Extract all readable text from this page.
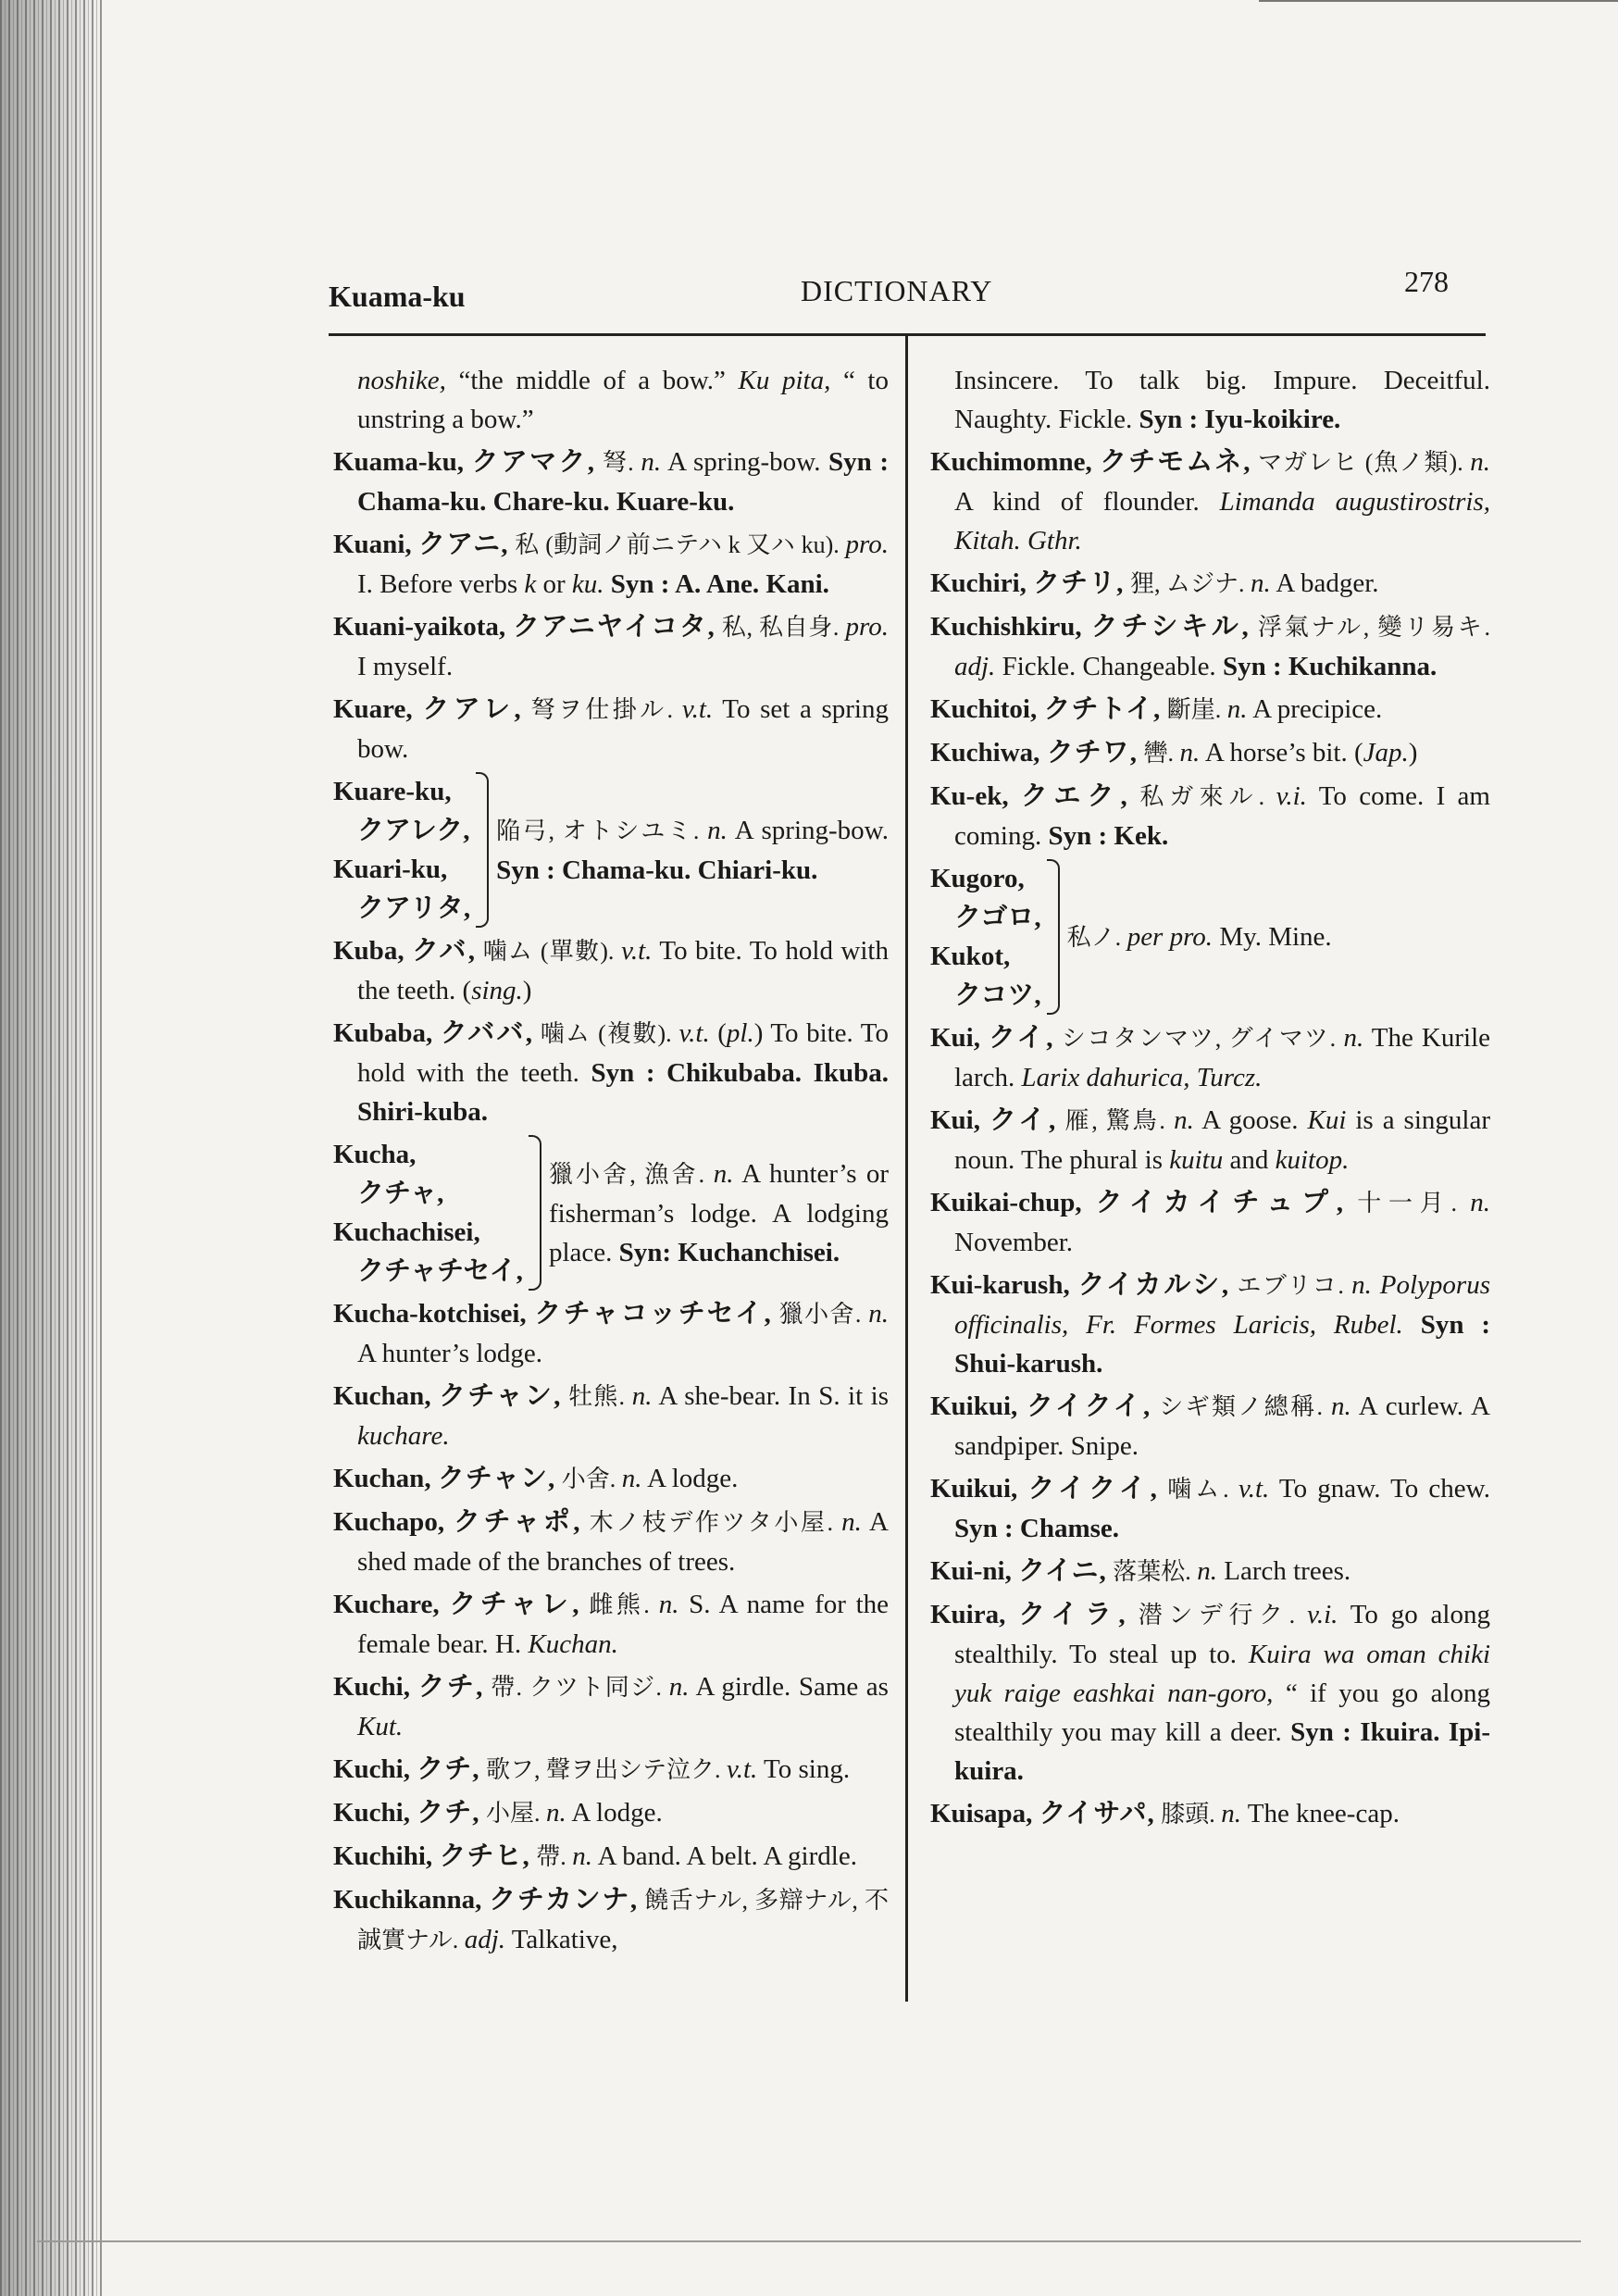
Kuama-ku	DICTIONARY	278
noshike, “the middle of a bow.” Ku pita, “ to unstring a bow.”
Kuama-ku, クアマク, 弩. n. A spring-bow. Syn : Chama-ku. Chare-ku. Kuare-ku.
Kuani, クアニ, 私 (動詞ノ前ニテハ k 又ハ ku). pro. I. Before verbs k or ku. Syn : A. Ane. Kani.
Kuani-yaikota, クアニヤイコタ, 私, 私自身. pro. I myself.
Kuare, クアレ, 弩ヲ仕掛ル. v.t. To set a spring bow.
Kuare-ku,
クアレク,
Kuari-ku,
クアリタ,
陥弓, オトシユミ. n. A spring-bow. Syn : Chama-ku. Chiari-ku.
Kuba, クバ, 噛ム (單數). v.t. To bite. To hold with the teeth. (sing.)
Kubaba, クババ, 噛ム (複數). v.t. (pl.) To bite. To hold with the teeth. Syn : Chikubaba. Ikuba. Shiri-kuba.
Kucha,
クチャ,
Kuchachisei,
クチャチセイ,
獵小舍, 漁舍. n. A hunter’s or fisherman’s lodge. A lodging place. Syn: Kuchanchisei.
Kucha-kotchisei, クチャコッチセイ, 獵小舍. n. A hunter’s lodge.
Kuchan, クチャン, 牡熊. n. A she-bear. In S. it is kuchare.
Kuchan, クチャン, 小舍. n. A lodge.
Kuchapo, クチャポ, 木ノ枝デ作ツタ小屋. n. A shed made of the branches of trees.
Kuchare, クチャレ, 雌熊. n. S. A name for the female bear. H. Kuchan.
Kuchi, クチ, 帶. クツト同ジ. n. A girdle. Same as Kut.
Kuchi, クチ, 歌フ, 聲ヲ出シテ泣ク. v.t. To sing.
Kuchi, クチ, 小屋. n. A lodge.
Kuchihi, クチヒ, 帶. n. A band. A belt. A girdle.
Kuchikanna, クチカンナ, 饒舌ナル, 多辯ナル, 不誠實ナル. adj. Talkative,
Insincere. To talk big. Impure. Deceitful. Naughty. Fickle. Syn : Iyu-koikire.
Kuchimomne, クチモムネ, マガレヒ (魚ノ類). n. A kind of flounder. Limanda augustirostris, Kitah. Gthr.
Kuchiri, クチリ, 狸, ムジナ. n. A badger.
Kuchishkiru, クチシキル, 浮氣ナル, 變リ易キ. adj. Fickle. Changeable. Syn : Kuchikanna.
Kuchitoi, クチトイ, 斷崖. n. A precipice.
Kuchiwa, クチワ, 轡. n. A horse’s bit. (Jap.)
Ku-ek, クエク, 私ガ來ル. v.i. To come. I am coming. Syn : Kek.
Kugoro,
クゴロ,
Kukot,
クコツ,
私ノ. per pro. My. Mine.
Kui, クイ, シコタンマツ, グイマツ. n. The Kurile larch. Larix dahurica, Turcz.
Kui, クイ, 雁, 驚鳥. n. A goose. Kui is a singular noun. The phural is kuitu and kuitop.
Kuikai-chup, クイカイチュプ, 十一月. n. November.
Kui-karush, クイカルシ, エブリコ. n. Polyporus officinalis, Fr. Formes Laricis, Rubel. Syn : Shui-karush.
Kuikui, クイクイ, シギ類ノ總稱. n. A curlew. A sandpiper. Snipe.
Kuikui, クイクイ, 噛ム. v.t. To gnaw. To chew. Syn : Chamse.
Kui-ni, クイニ, 落葉松. n. Larch trees.
Kuira, クイラ, 潜ンデ行ク. v.i. To go along stealthily. To steal up to. Kuira wa oman chiki yuk raige eashkai nan-goro, “ if you go along stealthily you may kill a deer. Syn : Ikuira. Ipi-kuira.
Kuisapa, クイサパ, 膝頭. n. The knee-cap.
